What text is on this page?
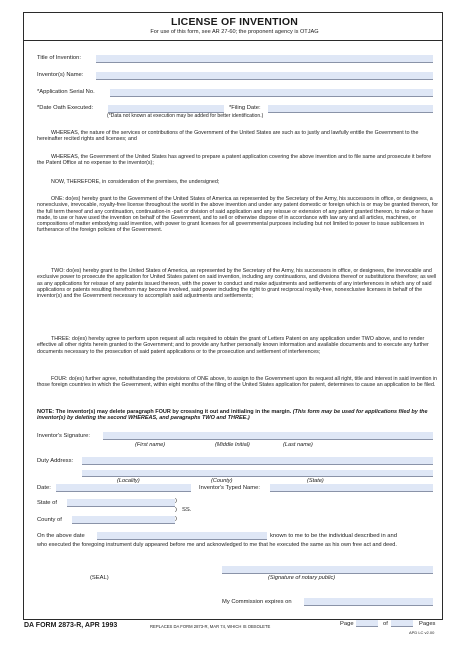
LICENSE OF INVENTION
For use of this form, see AR 27-60; the proponent agency is OTJAG
Title of Invention:
Inventor(s) Name:
*Application Serial No.
*Date Oath Executed:	*Filing Date:
(*Data not known at execution may be added for better identification.)
WHEREAS, the nature of the services or contributions of the Government of the United States are such as to justly and lawfully entitle the Government to the hereinafter recited rights and licenses; and
WHEREAS, the Government of the United States has agreed to prepare a patent application covering the above invention and to file same and prosecute it before the Patent Office at no expense to the inventor(s);
NOW, THEREFORE, in consideration of the premises, the undersigned;
ONE: do(es) hereby grant to the Government of the United States of America as represented by the Secretary of the Army, his successors in office, or designees, a nonexclusive, irrevocable, royalty-free license throughout the world in the above invention and under any patent domestic or foreign which is or may be granted thereon, for the full term thereof and any continuation, continuation-in -part or division of said application and any reissue or extension of any patent granted thereon, to make or have made, to use or have used the invention on behalf of the Government, and to sell or otherwise dispose of in accordance with law any and all articles, machines, or compositions of matter embodying said invention, with power to grant licenses for all governmental purposes including but not limited to power to issue sublicenses in furtherance of the foreign policies of the Government.
TWO: do(es) hereby grant to the United States of America, as represented by the Secretary of the Army, his successors in office, or designees, the irrevocable and exclusive power to prosecute the application for United States patent on said invention, including any continuations, and divisions thereof or substitutions therefore; as well as any applications for reissue of any patents issued thereon, with the power to conduct and make adjustments and settlements of any interferences in which any of said applications or patents resulting therefrom may become involved, said power including the right to grant reciprocal royalty-free, nonexclusive licenses in behalf of the inventor(s) and the Government necessary to accomplish said adjustments and settlements;
THREE: do(es) hereby agree to perform upon request all acts required to obtain the grant of Letters Patent on any application under TWO above, and to render effective all other rights herein granted to the Government; and to provide any further personally known information and available documents and to execute any further documents necessary to the prosecution of said patent applications or to the prosecution and settlement of interferences;
FOUR: do(es) further agree, notwithstanding the provisions of ONE above, to assign to the Government upon its request all right, title and interest in said invention in those foreign countries in which the Government, within eight months of the filing of the United States application for patent, determines to cause an application to be filed.
NOTE: The inventor(s) may delete paragraph FOUR by crossing it out and initialing in the margin. (This form may be used for applications filed by the inventor(s) by deleting the second WHEREAS, and paragraphs TWO and THREE.)
Inventor's Signature:
(First name)	(Middle Initial)	(Last name)
Duty Address:
(Locality)	(County)	(State)
Date:	Inventor's Typed Name:
State of	)
) SS.
)
County of
On the above date	known to me to be the individual described in and
who executed the foregoing instrument duly appeared before me and acknowledged to me that he executed the same as his own free act and deed.
(SEAL)	(Signature of notary public)
My Commission expires on
DA FORM 2873-R, APR 1993	REPLACES DA FORM 2873-R, MAR 74, WHICH IS OBSOLETE	Page	of	Pages
APD LC v2.00
